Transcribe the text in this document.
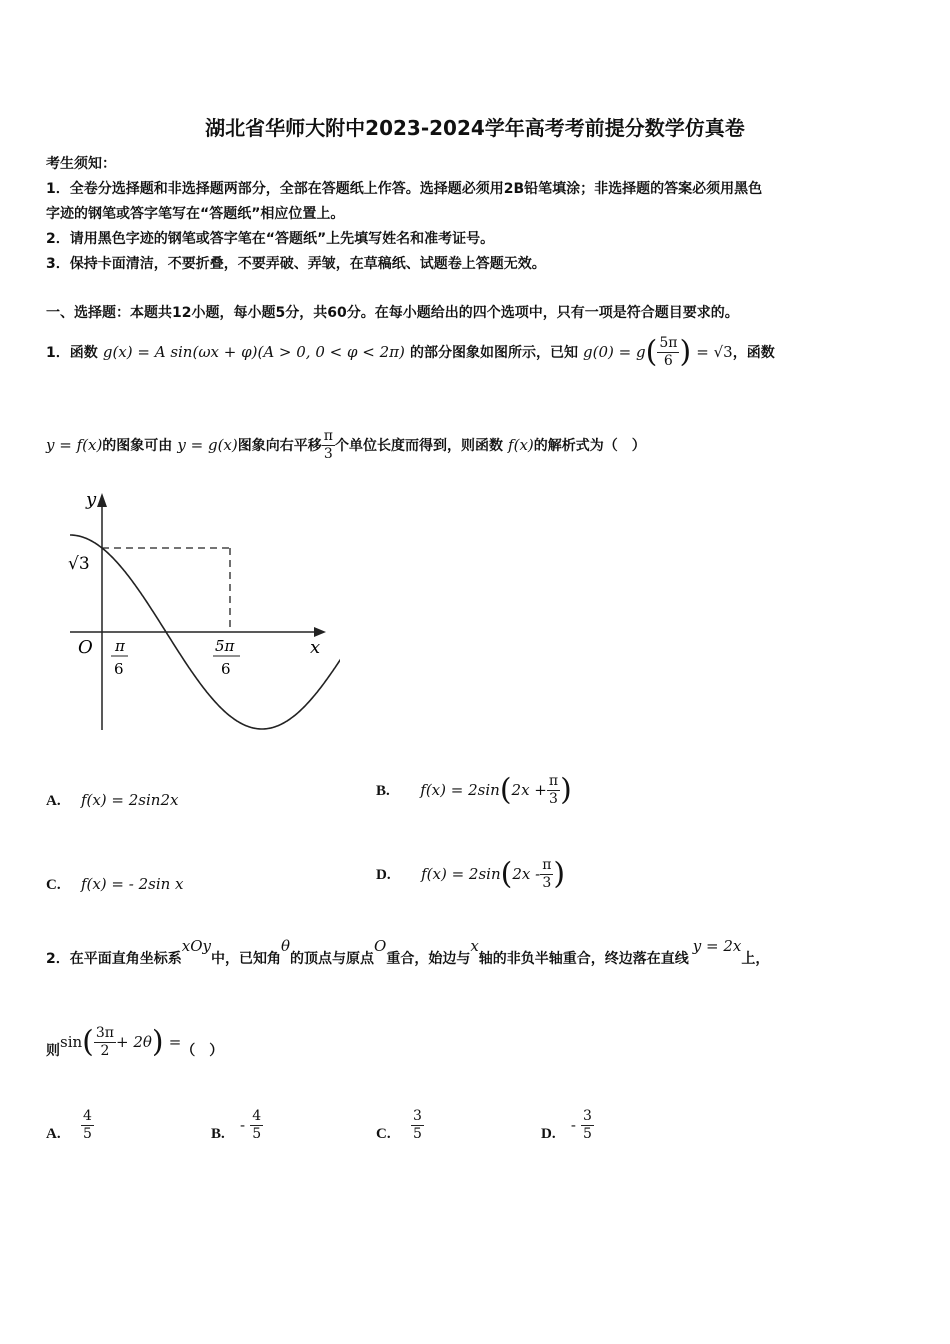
湖北省华师大附中2023-2024学年高考考前提分数学仿真卷
考生须知：
1．全卷分选择题和非选择题两部分，全部在答题纸上作答。选择题必须用2B铅笔填涂；非选择题的答案必须用黑色
字迹的钢笔或答字笔写在“答题纸”相应位置上。
2．请用黑色字迹的钢笔或答字笔在“答题纸”上先填写姓名和准考证号。
3．保持卡面清洁，不要折叠，不要弄破、弄皱，在草稿纸、试题卷上答题无效。
一、选择题：本题共12小题，每小题5分，共60分。在每小题给出的四个选项中，只有一项是符合题目要求的。
1．函数 g(x) = A sin(ωx + φ)(A > 0, 0 < φ < 2π) 的部分图象如图所示，已知 $g(0) = g( \frac{5\pi}{6}$ ) = √3，函数
y = f(x)的图象可由 y = g(x)图象向右平移 $\frac{\pi}{3}$ 个单位长度而得到，则函数 f(x)的解析式为（　）
y
x
O
√3
π
6
5π
6
A. f(x) = 2sin2x	B. $f(x) = 2\sin(2x + \frac{\pi}{3}$ )
C. f(x) = - 2sin x	D. $f(x) = 2\sin(2x - \frac{\pi}{3}$ )
2．在平面直角坐标系xOy中，已知角θ的顶点与原点O重合，始边与x轴的非负半轴重合，终边落在直线y = 2x上，
则$\sin( \frac{3\pi}{2} + 2\theta)$ =（　）
A. $\frac{4}{5}$	B. - $\frac{4}{5}$	C. $\frac{3}{5}$	D. - $\frac{3}{5}$
